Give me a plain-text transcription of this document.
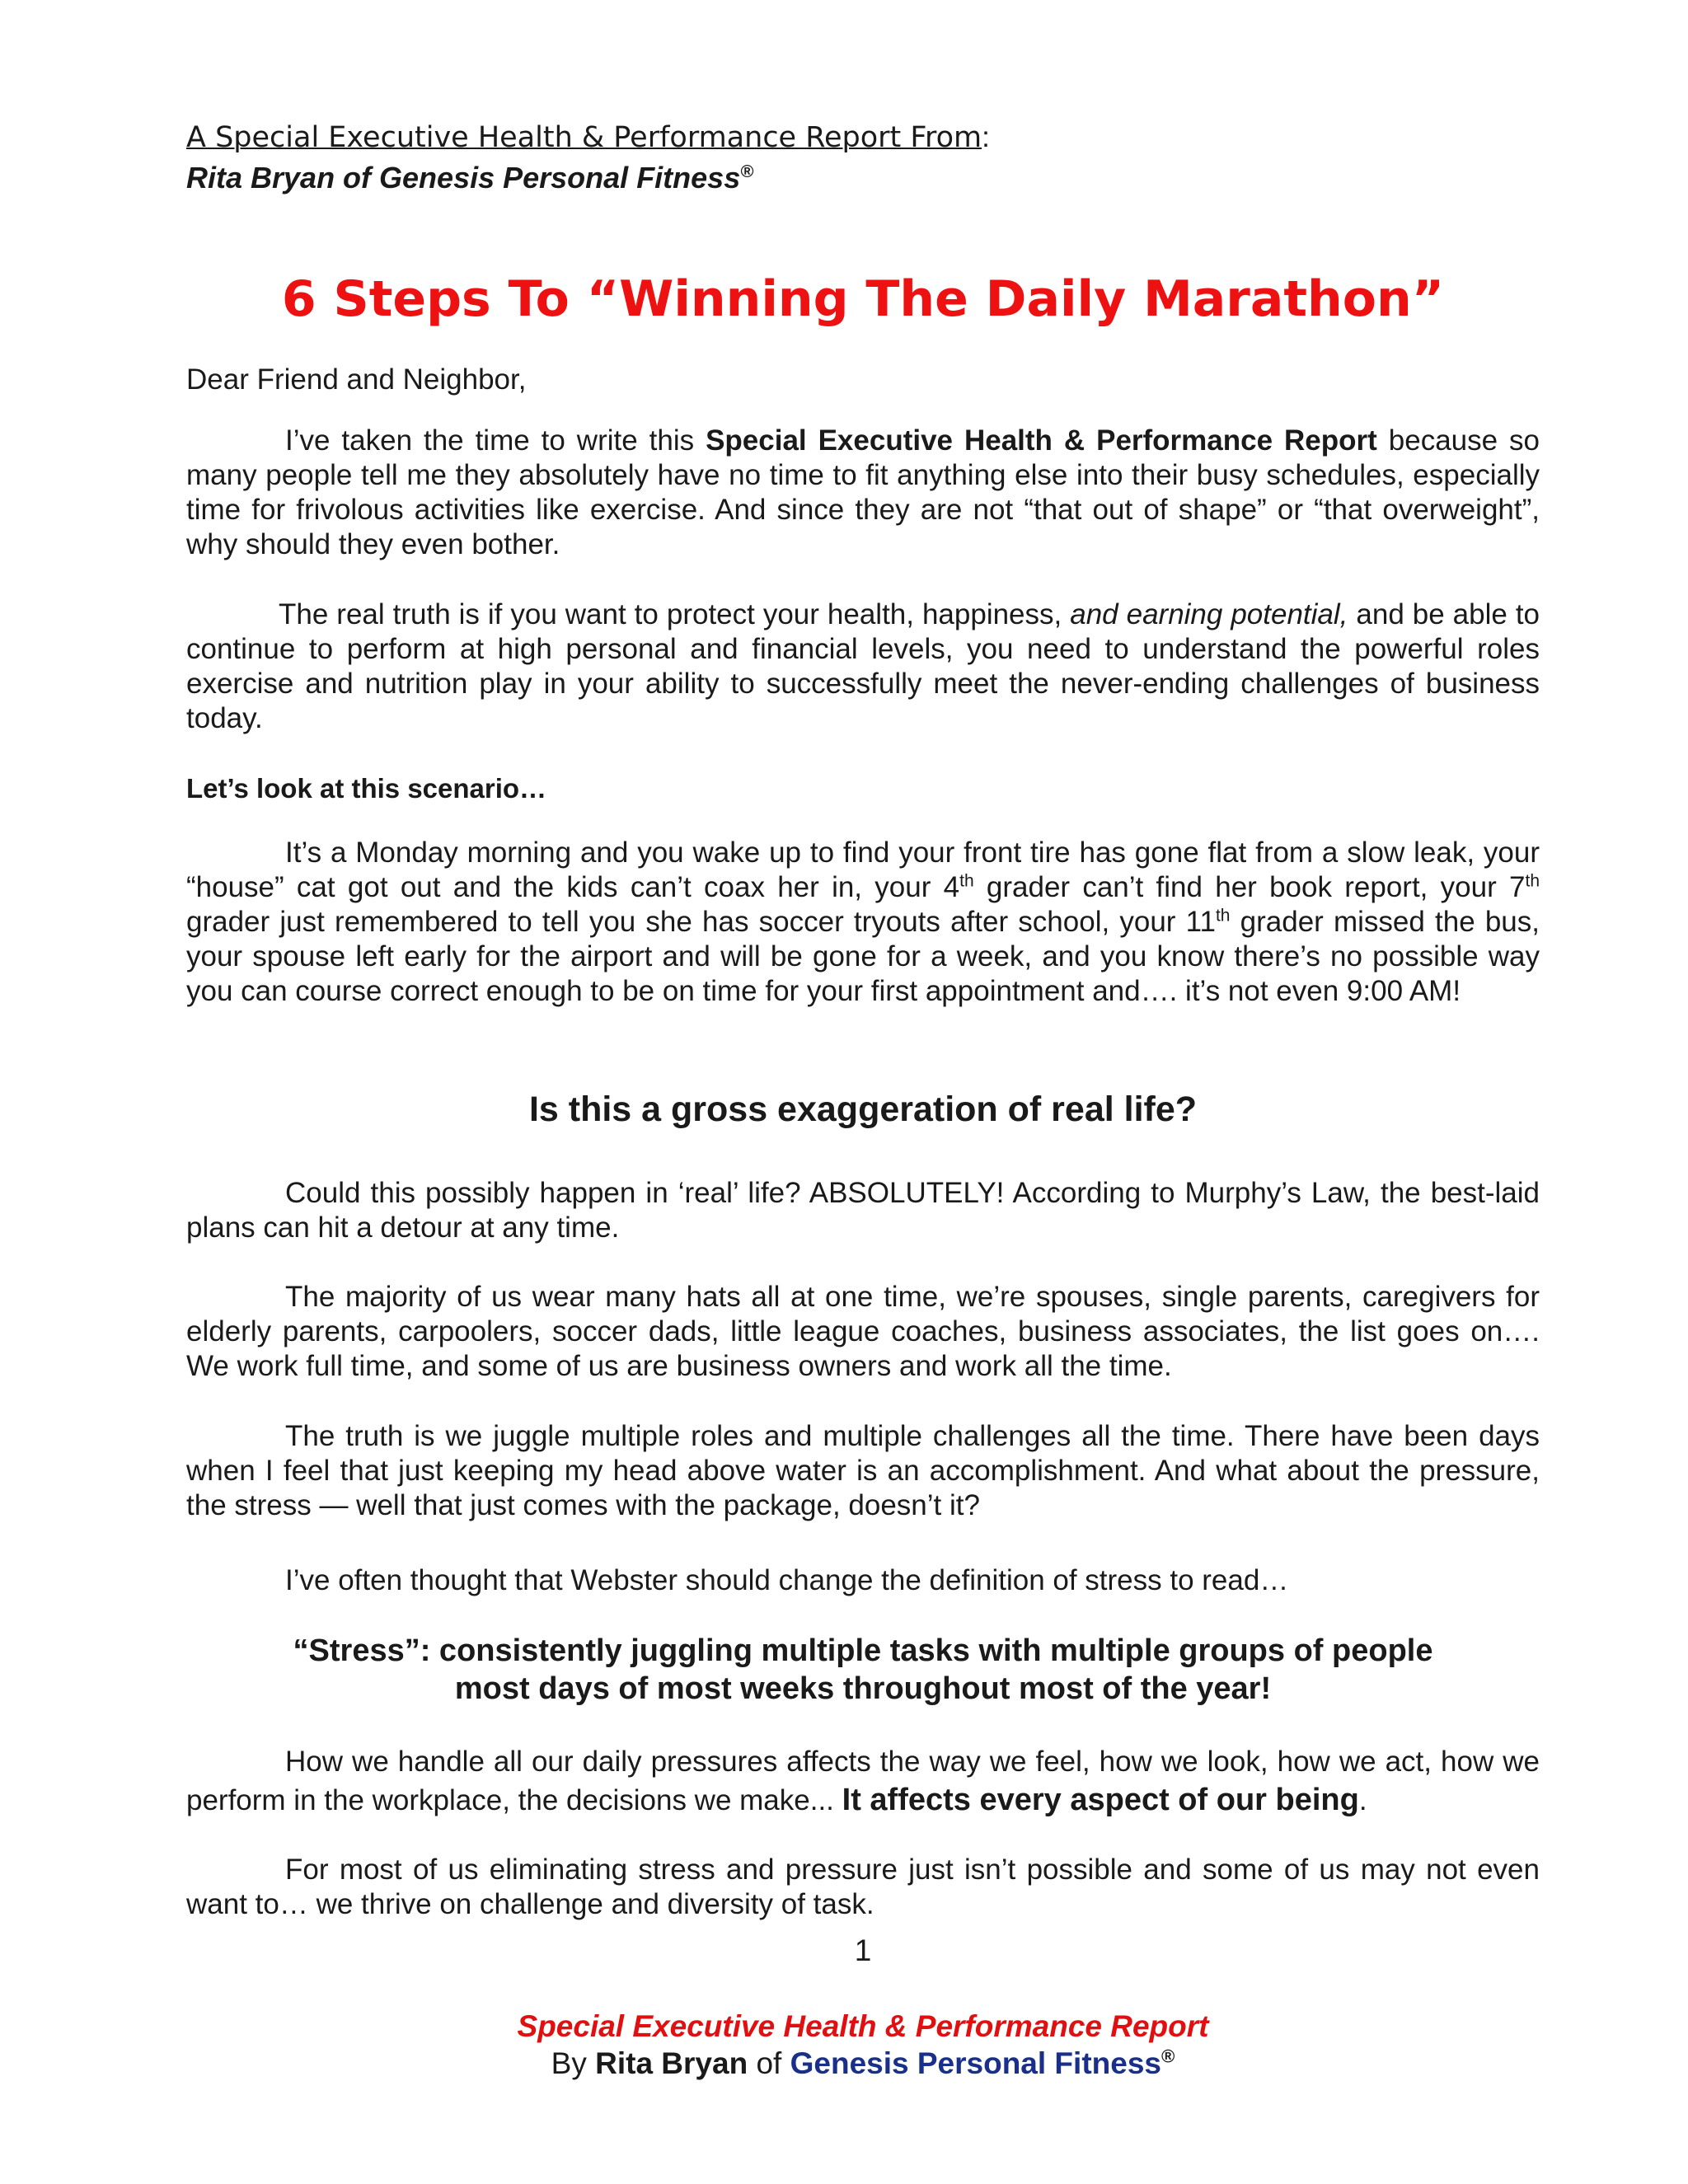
A Special Executive Health & Performance Report From:
Rita Bryan of Genesis Personal Fitness®
6 Steps To “Winning The Daily Marathon”
Dear Friend and Neighbor,

I’ve taken the time to write this Special Executive Health & Performance Report because so many people tell me they absolutely have no time to fit anything else into their busy schedules, especially time for frivolous activities like exercise. And since they are not “that out of shape” or “that overweight”, why should they even bother.

The real truth is if you want to protect your health, happiness, and earning potential, and be able to continue to perform at high personal and financial levels, you need to understand the powerful roles exercise and nutrition play in your ability to successfully meet the never-ending challenges of business today.

Let’s look at this scenario…

It’s a Monday morning and you wake up to find your front tire has gone flat from a slow leak, your “house” cat got out and the kids can’t coax her in, your 4th grader can’t find her book report, your 7th grader just remembered to tell you she has soccer tryouts after school, your 11th grader missed the bus, your spouse left early for the airport and will be gone for a week, and you know there’s no possible way you can course correct enough to be on time for your first appointment and…. it’s not even 9:00 AM!

Is this a gross exaggeration of real life?

Could this possibly happen in ‘real’ life? ABSOLUTELY! According to Murphy’s Law, the best-laid plans can hit a detour at any time.

The majority of us wear many hats all at one time, we’re spouses, single parents, caregivers for elderly parents, carpoolers, soccer dads, little league coaches, business associates, the list goes on…. We work full time, and some of us are business owners and work all the time.

The truth is we juggle multiple roles and multiple challenges all the time. There have been days when I feel that just keeping my head above water is an accomplishment. And what about the pressure, the stress — well that just comes with the package, doesn’t it?

I’ve often thought that Webster should change the definition of stress to read…

“Stress”: consistently juggling multiple tasks with multiple groups of people
most days of most weeks throughout most of the year!

How we handle all our daily pressures affects the way we feel, how we look, how we act, how we perform in the workplace, the decisions we make... It affects every aspect of our being.

For most of us eliminating stress and pressure just isn’t possible and some of us may not even want to… we thrive on challenge and diversity of task.

1
Special Executive Health & Performance Report
By Rita Bryan of Genesis Personal Fitness®
